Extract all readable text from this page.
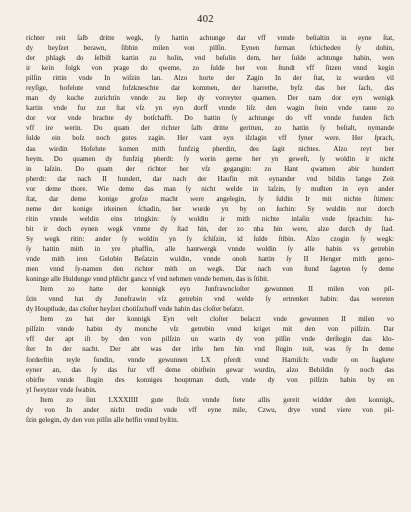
402

richter reit ſalb dritte wegk, ſy hattin achtunge dar vff vnnde beſtaltin in eyne ſtat,
dy heyſzet berawn, ſibbin milen von pilſin. Eynen furman ſchicheden ſy dohin,
der phlagk do ſelbiſt kartin zu holin, vnd beſulin dem, her ſulde achtunge habin, wen
ir kein folgk von prage do qweme, zo ſulde her von ſtundt vff ſitzen vnnd kegin
pilſin rittin vnde In wiſzin lan. Alzo horte der Zagin In der ſtat, iz wurden vil
reyſige, hofelute vnnd fufzkneschte dar kommen, der harrethe, byſz das her ſach, das
man dy kuche zurichtin vnnde zu liep dy vorreyter quamen. Der nam dor eyn wenigk
kartin vnde fur zur ſtat vſz yn eyn dorff vnnde liſz den wagin ſtein vnde rante zo
dor vor vnde brachte dy botſchafft. Do hattin ſy achtunge do vff vnnde funden ſich
vff ire werin. Do quam der richter ſalb dritte geritten, zo hattin ſy beſtalt, nymande
ſulde ein boſz noch gutes zagin. Her vant eyn iſzlagin vff fyner were. Her ſprach,
das wirdin Hofelute komen mith funfzig pherdin, des ſagit nichtes. Alzo reyt her
heym. Do quamen dy funfzig pherdt: ſy werin gerne her yn geweſt, ſy woldin ir nicht
in laſzin. Do quam der richter her vſz gegangin: zu Hant qwamen abir hundert
pherdt: dar nach II hundert, dar nach der Haufin mit eynander vnd bildin lange Zeit
vor deme thore. Wie deme das man ſy nicht welde in laſzin, ſy mußten in eyn ander
ſtat, dar deme konige groſze macht were angelegin, ſy ſuldin Ir mit nichte ſtimen:
neme der konige irkeinen ſchadin, her wurde yn by on ſuchin: Sy wuldin nur dorch
ritin vnnde weldin eins tringkin: ſy woldin ir mith nichte inlaſin vnde ſprachin: ha-
bit ir doch eynen wegk vmme dy ſtad hin, der zo nha hin were, alze durch dy ſtad.
Sy wegk ritin: ander ſy woldin yn ſy ſchiſzin, id ſulde ſtibin. Alzo czogin ſy wegk:
ſy hattin mith in yre phaffin, alle hantwergk vnnde woldin ſy alle habin vs getrebin
vnde mith iren Gelobin Beſatzin wuldin, vnnde onoh hattin ſy II Henger mith geno-
men vnnd ſy-namen den richter mith on wegk. Dar nach von ſtund ſageten ſy deme
koninge alle Huldunge vnnd phlicht gancz vf vnd nehmen vnnde bernen, das is ſtibit.

Item zo hatte der konnigk eyn Junfrawncloſter gewunnen II milen von pil-
ſzin vnnd hat dy Junefrawin vſz getrebin vnd welde ſy ertrenket habin: das wereten
dy Houptlude, das cloſter heyſzet chotiſzchoff vnde habin das cloſter beſatzt.

Item zo hat der konnigk Eyn velt cloſter beſaczt vnde gewunnen II milen vo
pilſzin vnnde habin dy monche vſz getrebin vnnd kriget mit den von pilſzin. Dar
vff der apt iſt by den von pilſzin un warin dy von pilſin vnde derſtegin das klo-
ſter In der nacht. Der abt was der irſte hen hin vnd ſlugin toit, was ſy In deme
forderſtin teyle fundin, vnnde gewunnen LX pferdt vnnd Harniſch: vndir on ſtagkete
eyner an, das ſy das fur vff deme obirſtein gewar wurdin, alzo Behildin ſy noch das
obirſte vnnde ſlugin des konniges houptman doth, vnde dy von pilſzin habin by en
yl ſweytzer vnde ſwabin.

Item zo ſint LXXXIIII gute ſloſz vnnde ſtete allis gereit widder den konnigk,
dy von In ander nicht tredin vnde vff eyne mile, Czwu, drye vnnd viere von pil-
ſzin gelegin, dy den von pilſin alle helfin vnnd byſtin.
